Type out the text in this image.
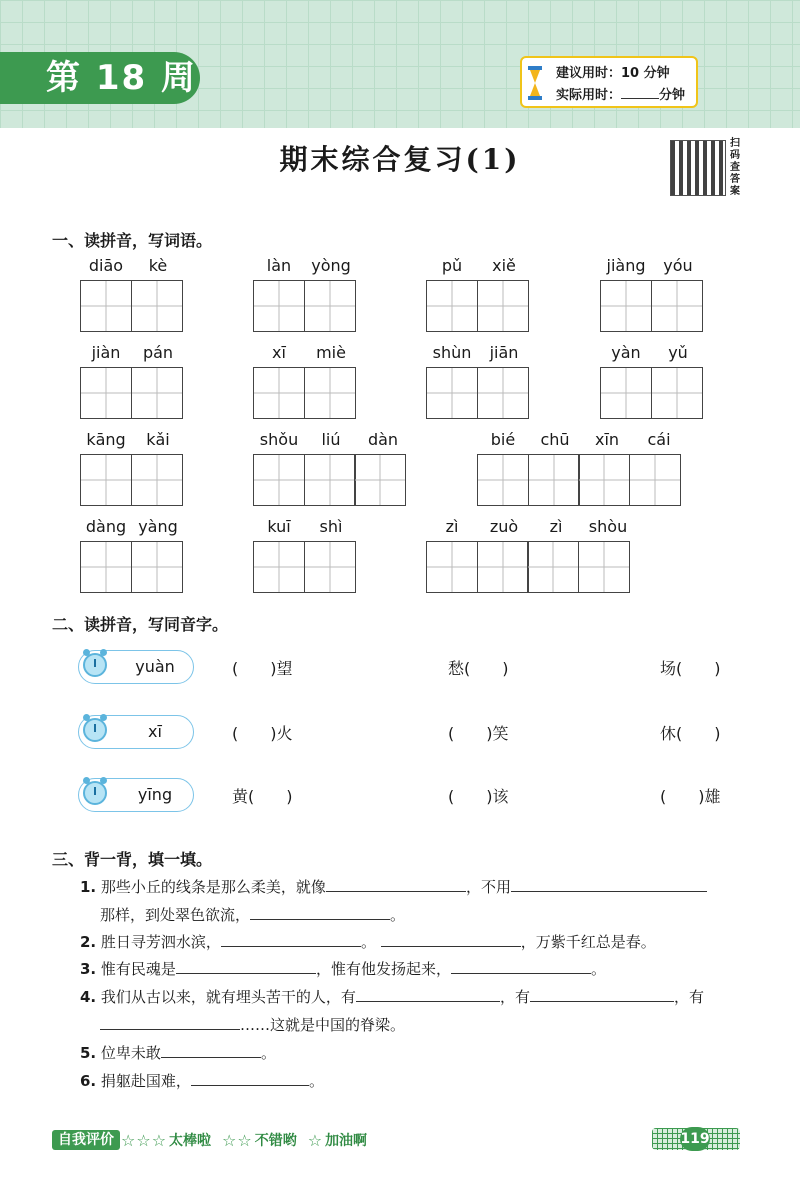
第 18 周	建议用时：10 分钟
实际用时：	分钟
期末综合复习(1)	扫码查答案
一、读拼音，写词语。
diāo	kè	làn	yòng	pǔ	xiě	jiàng	yóu
jiàn	pán	xī	miè	shùn	jiān	yàn	yǔ
kāng	kǎi	shǒu	liú	dàn	bié	chū	xīn	cái
dàng yàng	kuī	shì	zì	zuò	zì	shòu
二、读拼音，写同音字。
yuàn	(　　)望	愁(　　)	场(　　)
xī	(　　)火	(　　)笑	休(　　)
yīng	黄(　　)	(　　)该	(　　)雄
三、背一背，填一填。
1. 那些小丘的线条是那么柔美，就像	，不用
那样，到处翠色欲流，	。
2. 胜日寻芳泗水滨，	。	，万紫千红总是春。
3. 惟有民魂是	，惟有他发扬起来，	。
4. 我们从古以来，就有埋头苦干的人，有	，有	，有
……这就是中国的脊梁。
5. 位卑未敢	。
6. 捐躯赴国难，	。
自我评价 ☆ ☆ ☆ 太棒啦 ☆ ☆ 不错哟 ☆ 加油啊	119
